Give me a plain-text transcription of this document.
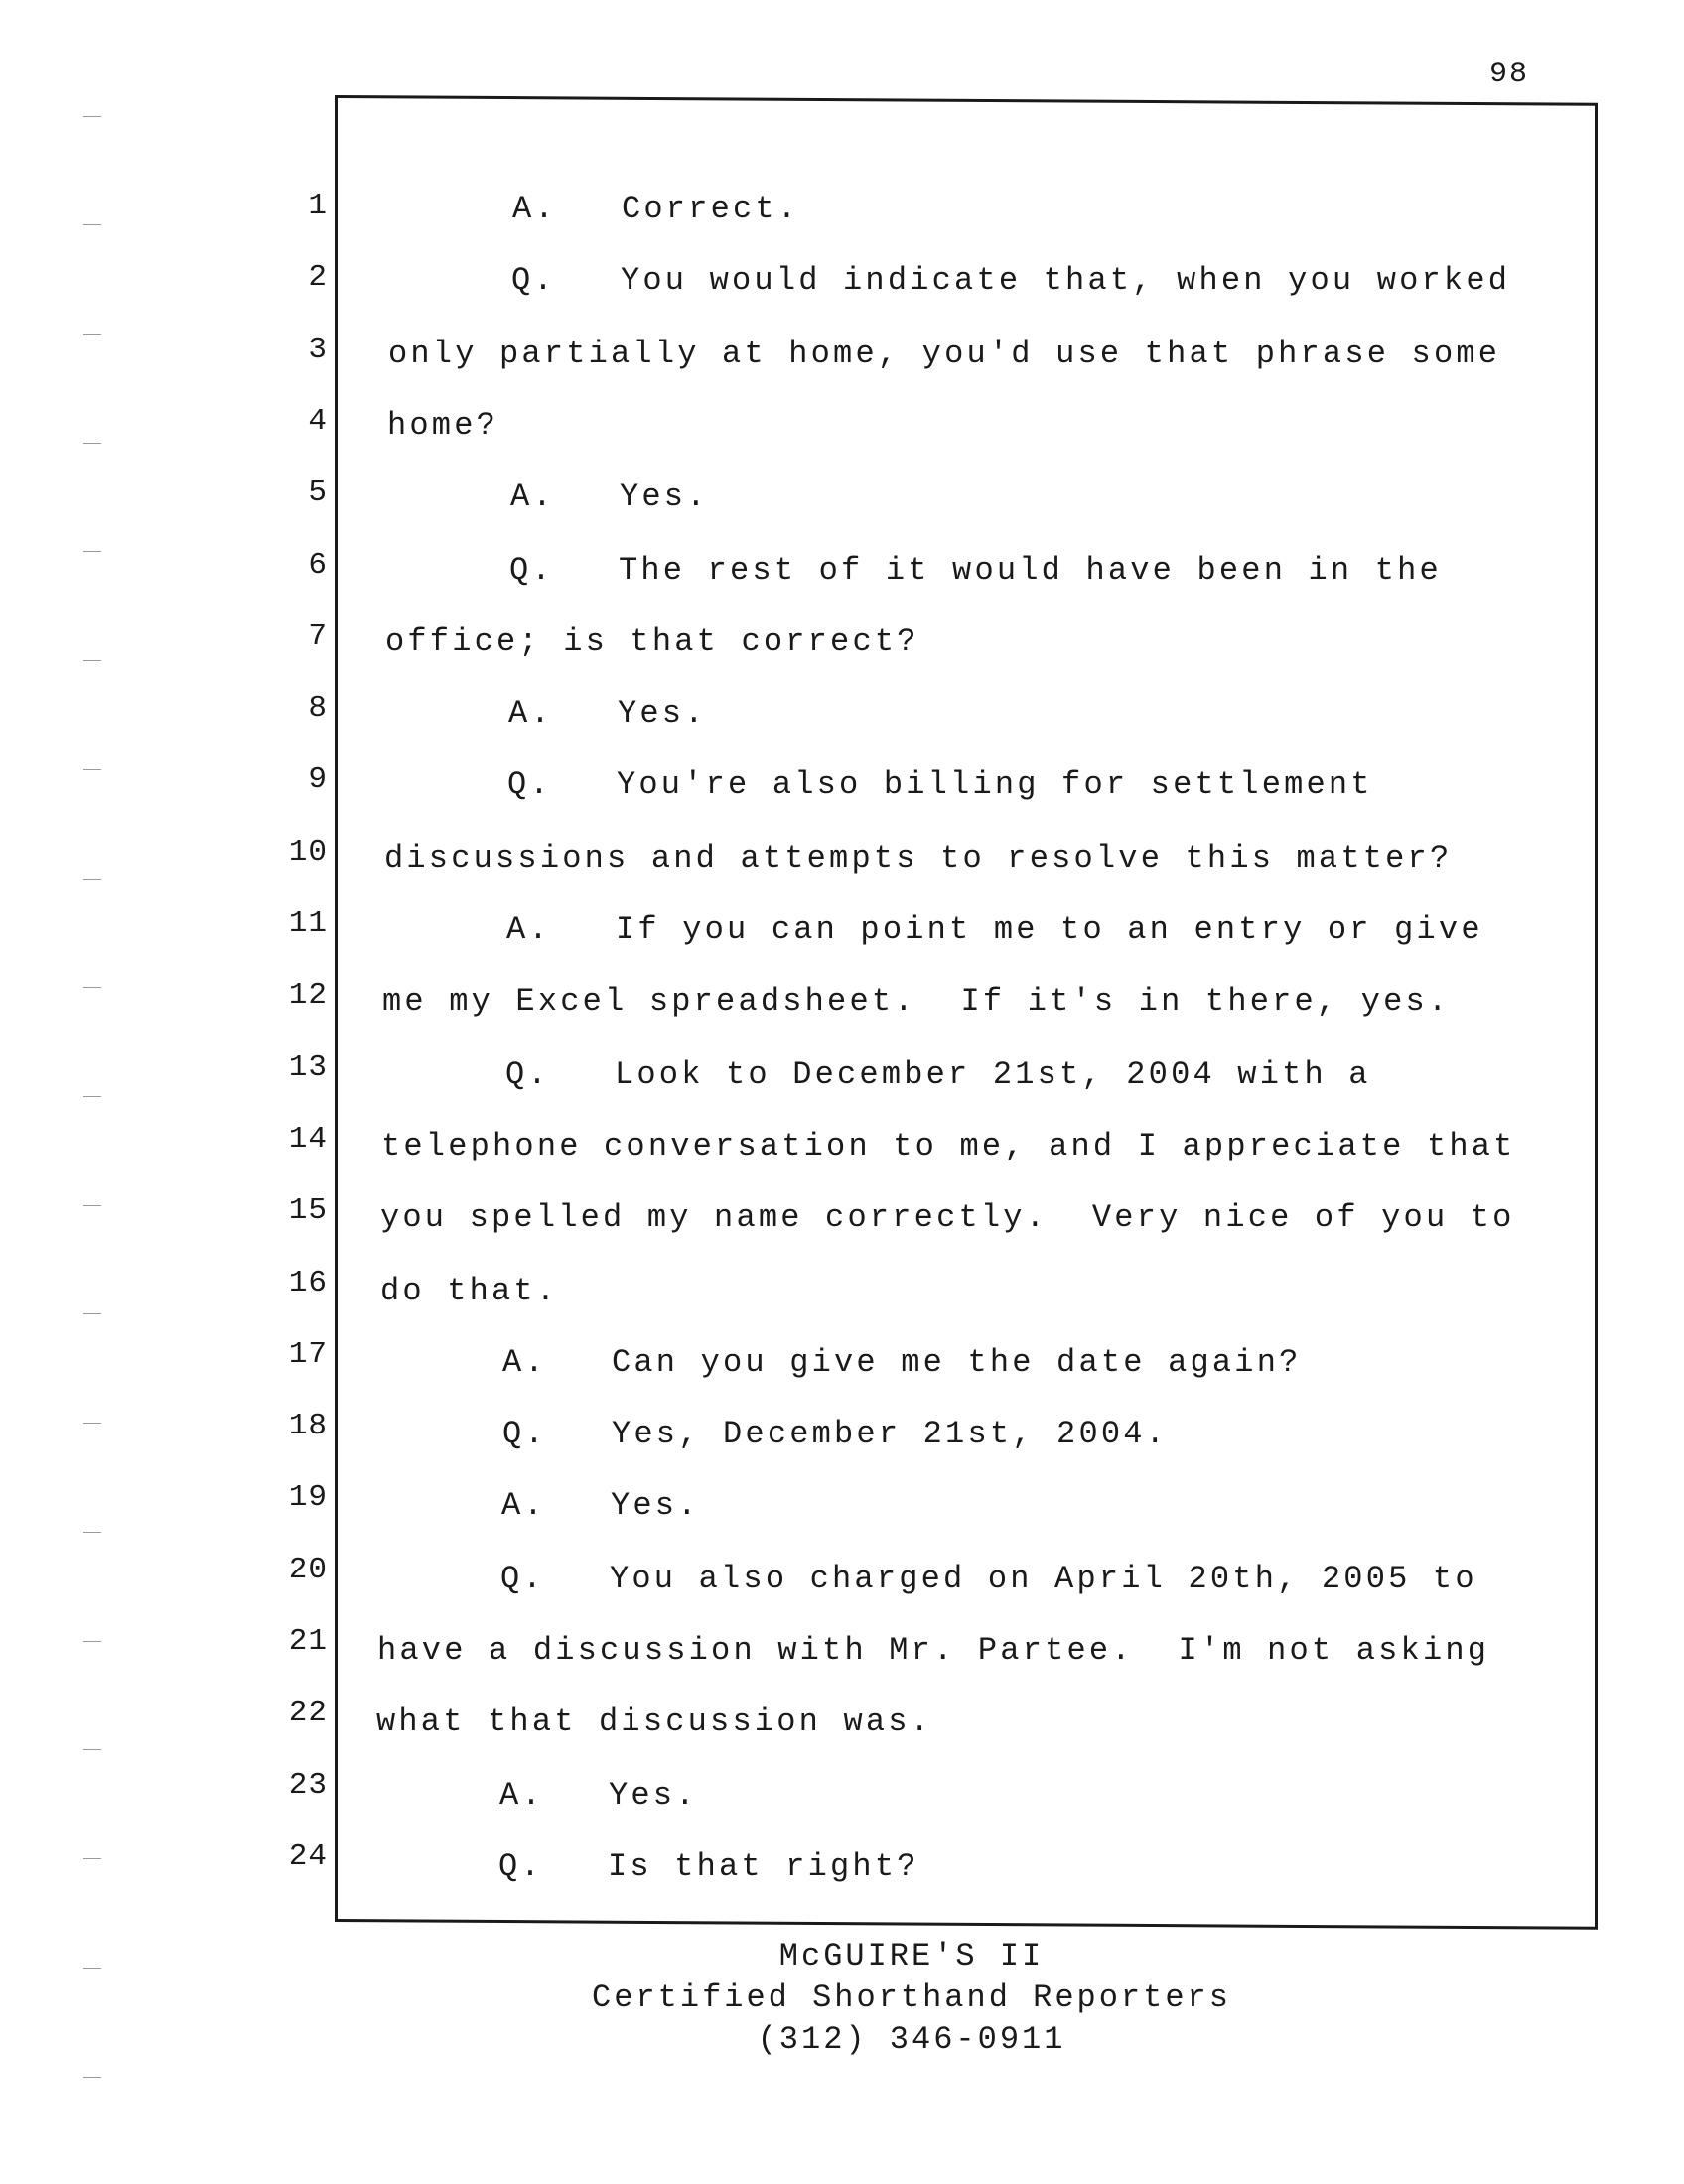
98
1
2
3
4
5
6
7
8
9
10
11
12
13
14
15
16
17
18
19
20
21
22
23
24
A. Correct.
Q. You would indicate that, when you worked
only partially at home, you'd use that phrase some
home?
A. Yes.
Q. The rest of it would have been in the
office; is that correct?
A. Yes.
Q. You're also billing for settlement
discussions and attempts to resolve this matter?
A. If you can point me to an entry or give
me my Excel spreadsheet.  If it's in there, yes.
Q. Look to December 21st, 2004 with a
telephone conversation to me, and I appreciate that
you spelled my name correctly.  Very nice of you to
do that.
A. Can you give me the date again?
Q. Yes, December 21st, 2004.
A. Yes.
Q. You also charged on April 20th, 2005 to
have a discussion with Mr. Partee.  I'm not asking
what that discussion was.
A. Yes.
Q. Is that right?
McGUIRE'S II
Certified Shorthand Reporters
(312) 346-0911
